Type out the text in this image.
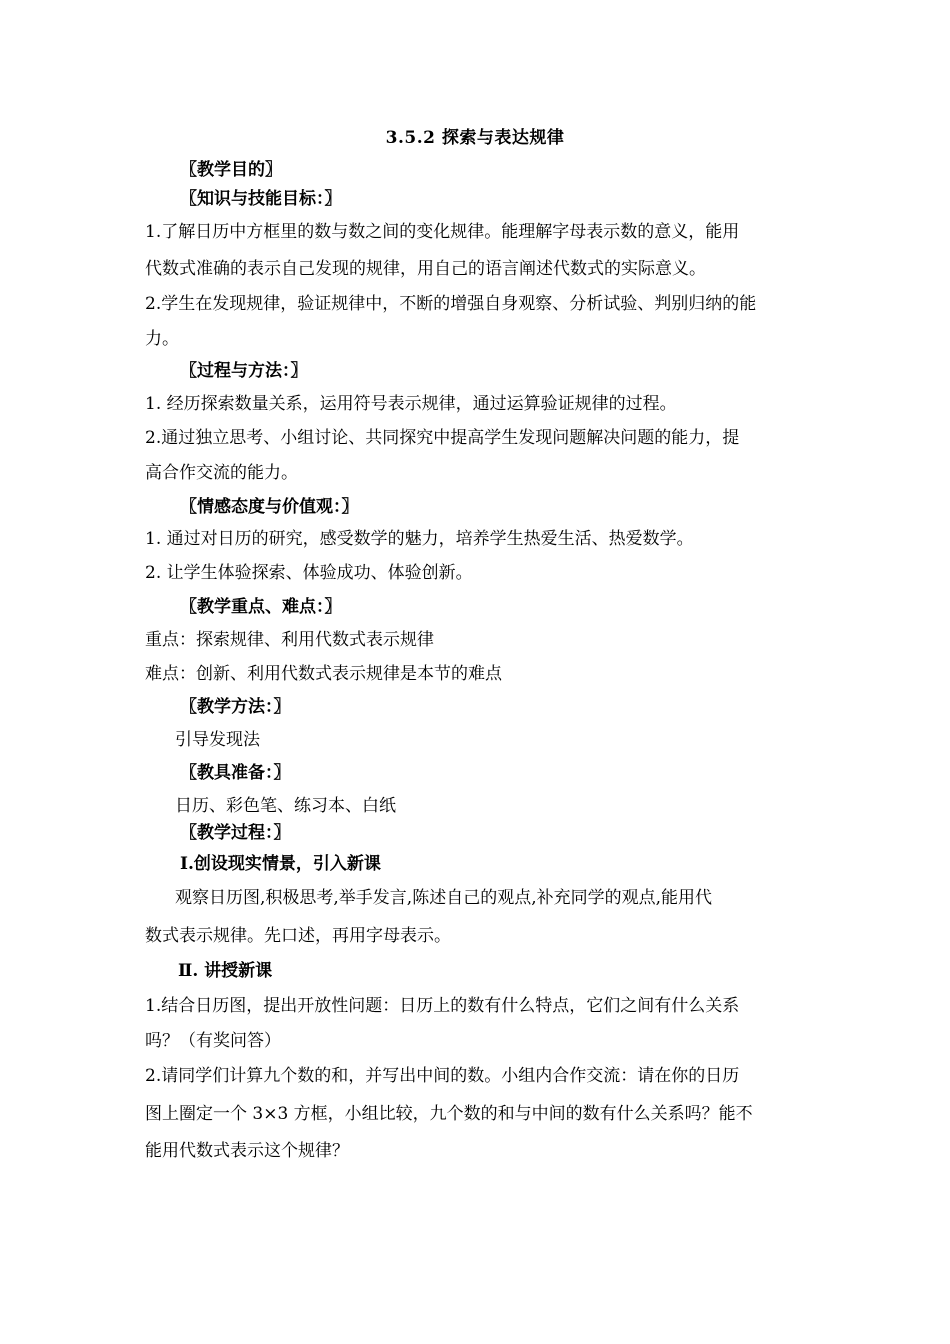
3.5.2 探索与表达规律
〖教学目的〗
〖知识与技能目标：〗
1.了解日历中方框里的数与数之间的变化规律。能理解字母表示数的意义，能用
代数式准确的表示自己发现的规律，用自己的语言阐述代数式的实际意义。
2.学生在发现规律，验证规律中，不断的增强自身观察、分析试验、判别归纳的能
力。
〖过程与方法：〗
1. 经历探索数量关系，运用符号表示规律，通过运算验证规律的过程。
2.通过独立思考、小组讨论、共同探究中提高学生发现问题解决问题的能力，提
高合作交流的能力。
〖情感态度与价值观：〗
1. 通过对日历的研究，感受数学的魅力，培养学生热爱生活、热爱数学。
2. 让学生体验探索、体验成功、体验创新。
〖教学重点、难点：〗
重点：探索规律、利用代数式表示规律
难点：创新、利用代数式表示规律是本节的难点
〖教学方法：〗
引导发现法
〖教具准备：〗
日历、彩色笔、练习本、白纸
〖教学过程：〗
Ⅰ.创设现实情景，引入新课
观察日历图,积极思考,举手发言,陈述自己的观点,补充同学的观点,能用代
数式表示规律。先口述，再用字母表示。
Ⅱ. 讲授新课
1.结合日历图，提出开放性问题：日历上的数有什么特点，它们之间有什么关系
吗？（有奖问答）
2.请同学们计算九个数的和，并写出中间的数。小组内合作交流：请在你的日历
图上圈定一个 3×3 方框，小组比较，九个数的和与中间的数有什么关系吗？能不
能用代数式表示这个规律？
